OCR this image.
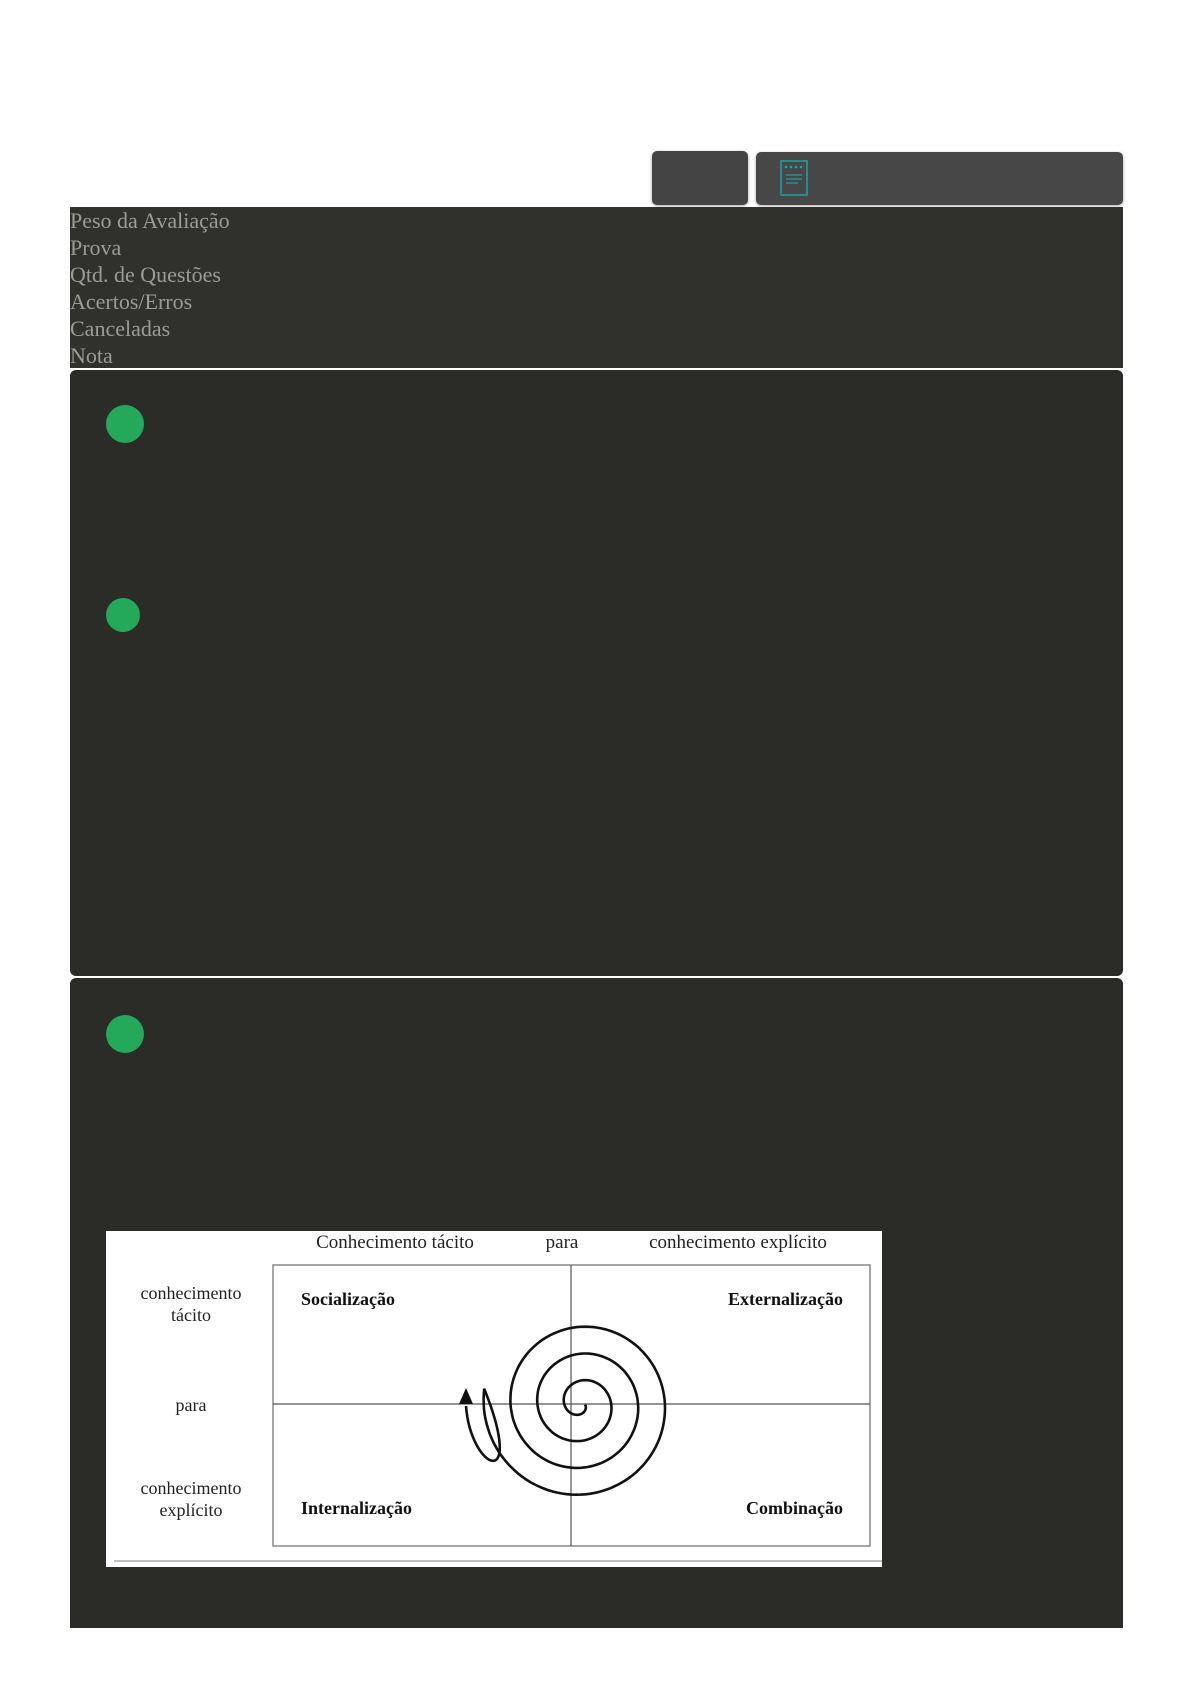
Peso da Avaliação
Prova
Qtd. de Questões
Acertos/Erros
Canceladas
Nota
Conhecimento tácito	para	conhecimento explícito
conhecimento
tácito
para
conhecimento
explícito
Socialização	Externalização
Internalização	Combinação
